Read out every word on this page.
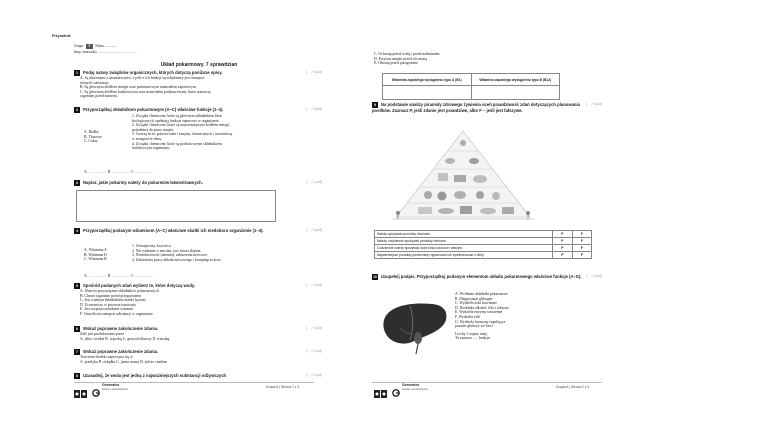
Przyrodnik
Grupa A Klasa ..............
Imię i nazwisko ...........................................
Układ pokarmowy. 7 sprawdzian
1 Podaj nazwy związków organicznych, których dotyczą poniższe opisy.
A. Są złożonymi z aminokwasów, a jeśli z ich funkcji wyodrębnimy jest transport
różnych substancji.
B. Są głównym źródłem energii oraz podstawowym materiałem zapasowym
C. Są głównym źródłem budulcowym oraz materiałem podstawowym, które stanowią
organizm przed zimnem.
[ ... / 3 pkt]
2 Przyporządkuj składnikom pokarmowym (A–C) właściwe funkcje (1–4).	[ ... / 3 pkt]
A. Białka
B. Tłuszcze
C. Cukry
1. Związki chemiczne, które są głównym składnikiem błon
biologicznych, spełniają funkcje zapasowe w organizmie.
2. Związki chemiczne, które są najważniejszym źródłem energii
potrzebnej do pracy mięśni.
3. Tworzą m.in. przeciwciała i enzymy chemicznych i uczestniczą
w transporcie tlenu.
4. Związki chemiczne, które są podstawowym składnikiem
budulcowym organizmu.
A. ............. B. ............. C. .............
3 Napisz, jakie pokarmy należy do pokarmów łatwostrawnych.	[ ... / 1 pkt]
4 Przyporządkuj podanym witaminom (A–C) właściwe skutki ich niedoboru organizmie (1–4).	[ ... / 3 pkt]
A. Witamina A
B. Witamina D
C. Witamina B
1. Osteoporoza, krzywica
2. Nie widzenie o zmroku, tzw. kurza ślepota
3. Niedokrwistość (anemia), zaburzenia nerwowe
4. Zaburzenia pracy układu nerwowego i krzepnięcia krwi.
A. ............. B. ............. C. .............
5 Spośród podanych zdań wybierz te, które dotyczą wody.
A. Ułatwia przyswajanie składników pokarmowych
B. Chroni organizm przed przegrzaniem
C. Jest ważnym składnikiem tkanki łącznej
D. Uczestniczy w procesie trawienia
E. Jest rozpuszczalnikiem witamin
F. Umożliwia transport substancji w organizmie
[ ... / 1 pkt]
6 Wskaż poprawne zakończenie zdania.
Żółć jest produkowana przez
A. jelito cienkie B. wątrobę C. gruczoł ślinowy D. trzustkę
[ ... / 1 pkt]
7 Wskaż poprawne zakończenie zdania.
Trawienie białek rozpoczyna się w
A. przełyku B. żołądku C. jamie ustnej D. jelicie cienkim
[ ... / 1 pkt]
8 Uzasadnij, że woda jest jedną z najważniejszych substancji odżywczych	[ ... / 1 pkt]
Generator
testów i sprawdzianów
Grupa A | Strona 1 z 3
C. Ochronę przed wodą i przed nadmiarem
D. Przyrost mięśni przed ich utratą
E. Obronę przed patogenami
Witamina zapobiega wystąpieniu typu A (B1)	Witamina zapobiega wystąpieniu typu B (B12)

9 Na podstawie analizy piramidy zdrowego żywienia oceń prawdziwość zdań dotyczących planowania posiłków. Zaznacz P, jeśli zdanie jest prawdziwe, albo F – jeśli jest fałszywe.
[ ... / 3 pkt]
Należy spożywać produkty zbożowe.	P	F
Należy codziennie spożywać produkty mleczne.	P	F
Codziennie należy spożywać duże ilości owoców i warzyw.	P	F
Najważniejsze produkty powinniśmy ograniczać lub wyeliminować z diety.	P	F
10 Uzupełnij podpis. Przyporządkuj podanym elementom układu pokarmowego właściwe funkcje (A–G). [ ... / 3 pkt]
A. Wchłania składniki pokarmowe
B. Magazynuje glikogen
C. Wydziela soki trawienne
D. Rozkłada alkohol, leki i toksyny
E. Wydziela enzymy trawienne
F. Wydziela żółć
G. Wydziela hormony regulujące
poziom glukozy we krwi
Liczby 1 zapisz tutaj:
Tu zaznacz ..... funkcje.
Generator
testów i sprawdzianów
Grupa A | Strona 2 z 3
